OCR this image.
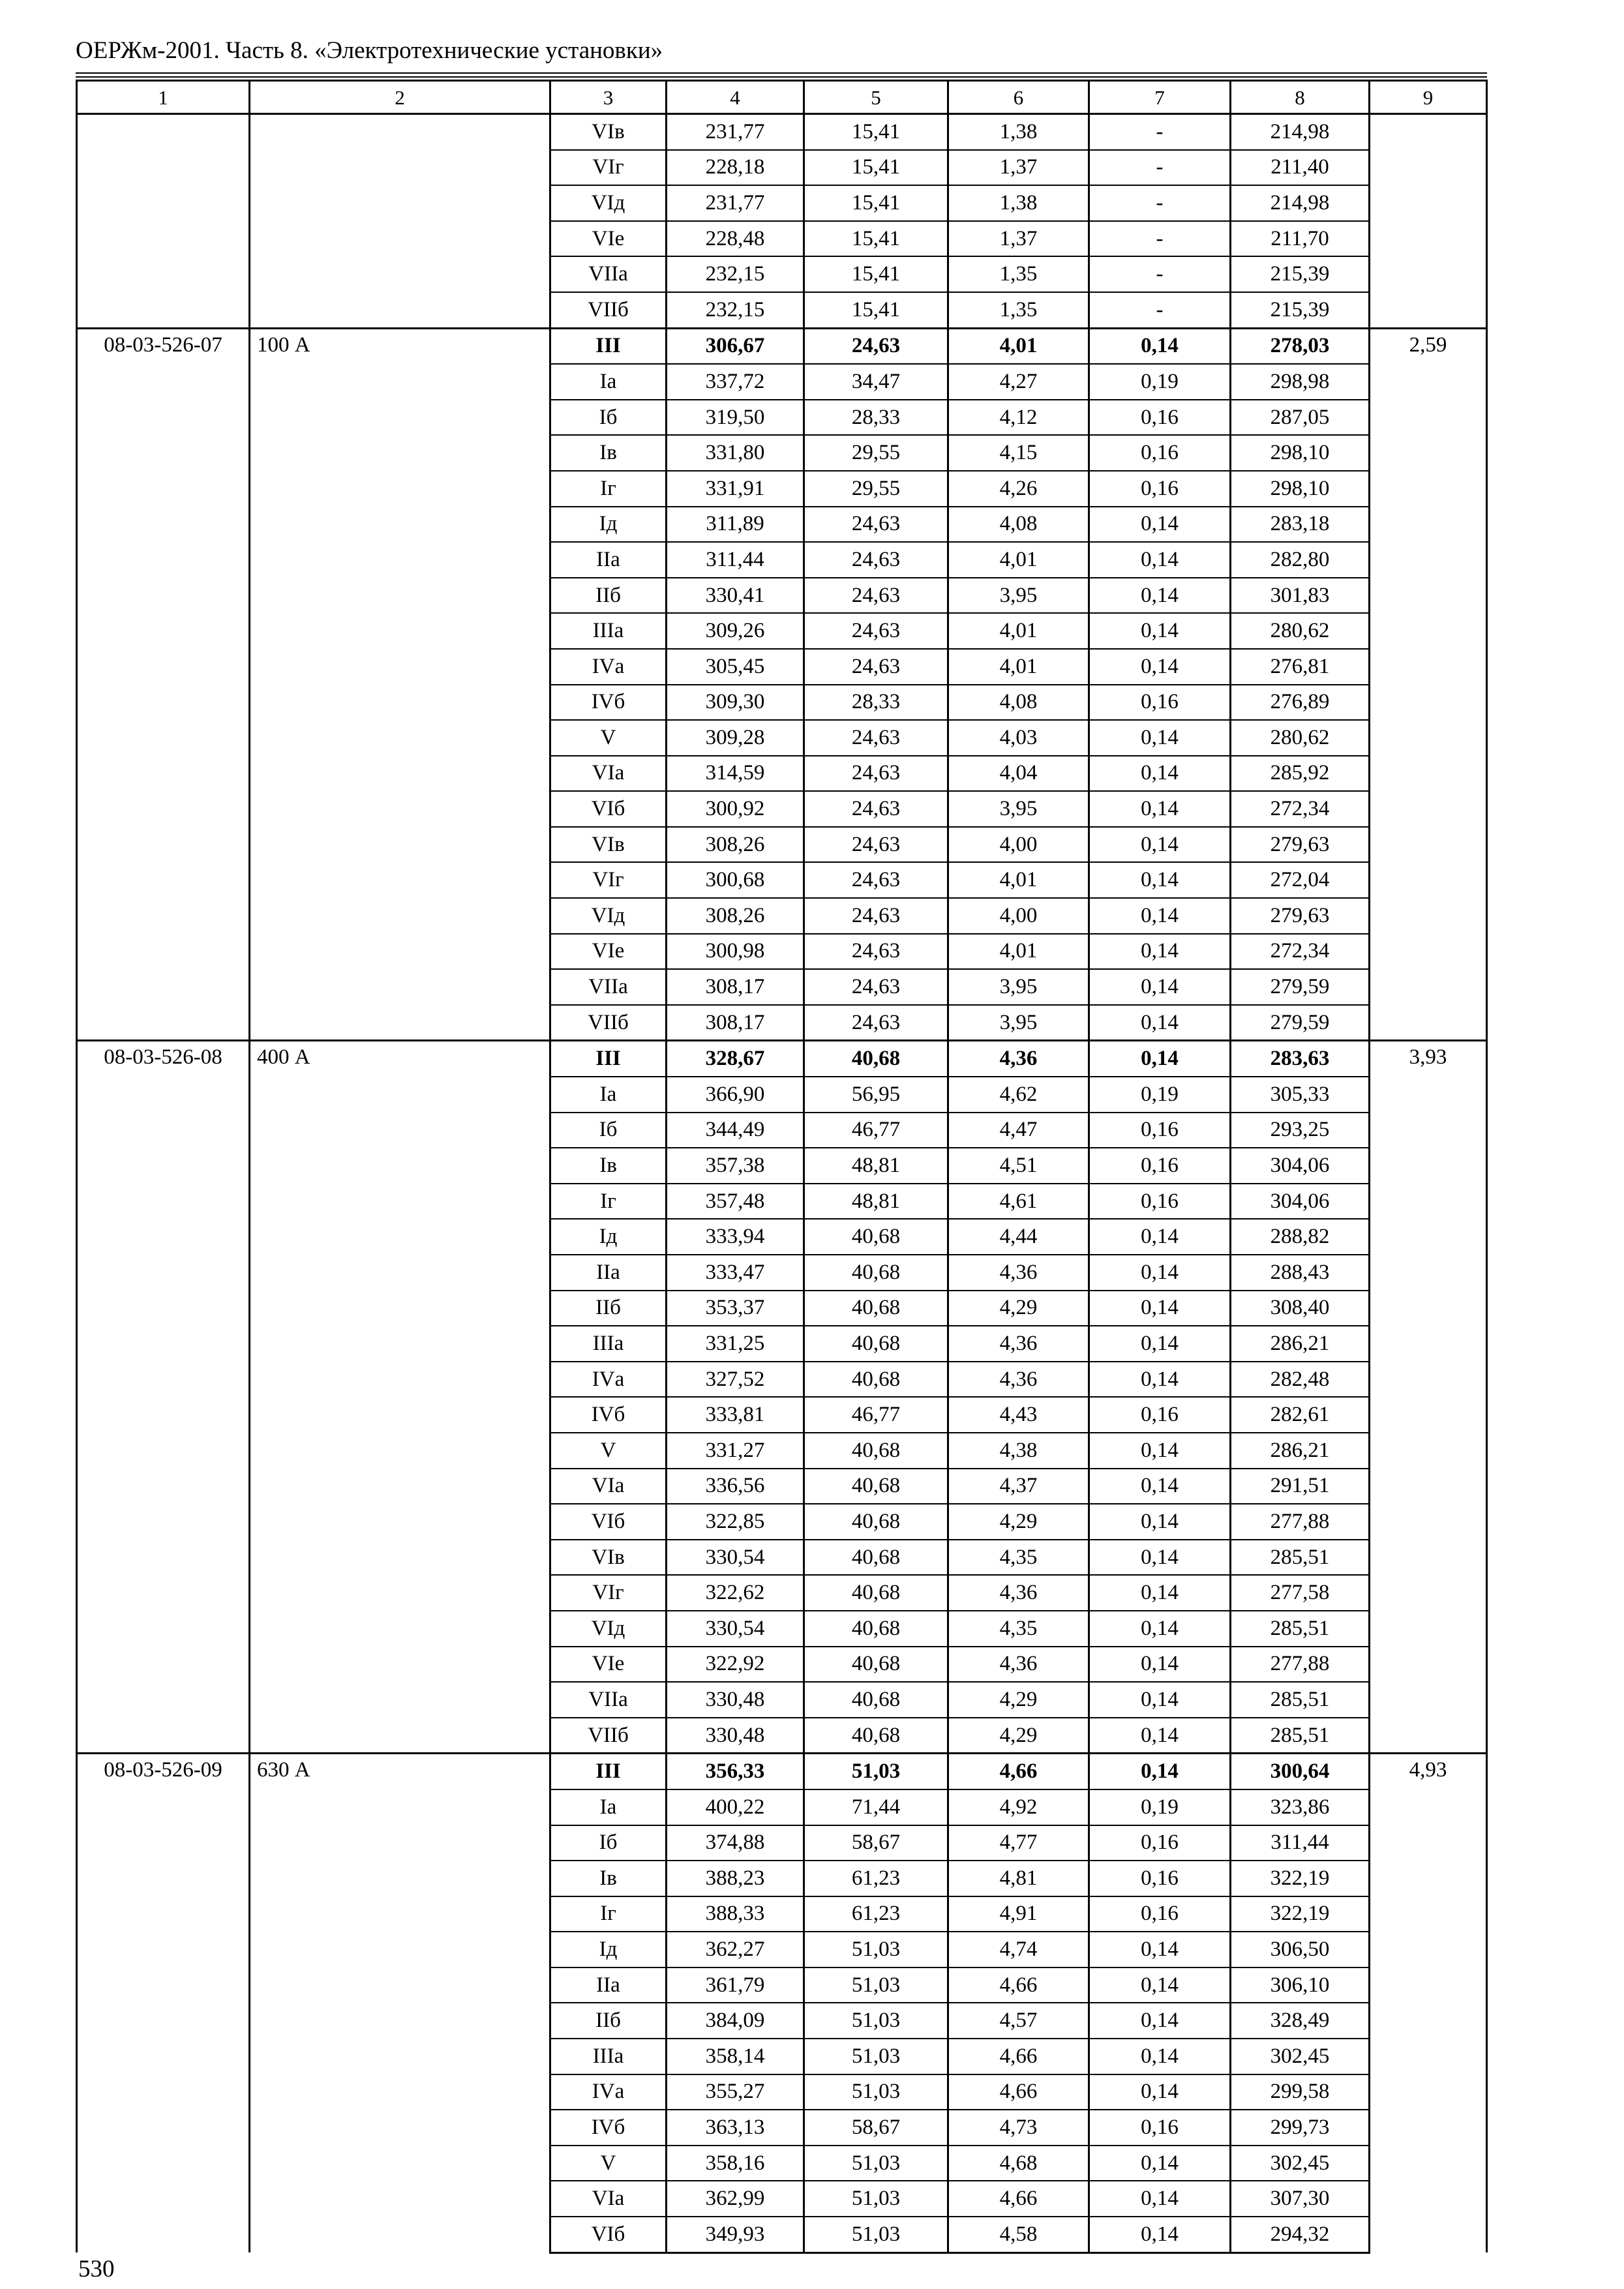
ОЕРЖм-2001. Часть 8. «Электротехнические установки»
1	2	3	4	5	6	7	8	9
		VIв	231,77	15,41	1,38	-	214,98	
		VIг	228,18	15,41	1,37	-	211,40	
		VIд	231,77	15,41	1,38	-	214,98	
		VIе	228,48	15,41	1,37	-	211,70	
		VIIа	232,15	15,41	1,35	-	215,39	
		VIIб	232,15	15,41	1,35	-	215,39	
08-03-526-07	100 А	III	306,67	24,63	4,01	0,14	278,03	2,59
		Iа	337,72	34,47	4,27	0,19	298,98	
		Iб	319,50	28,33	4,12	0,16	287,05	
		Iв	331,80	29,55	4,15	0,16	298,10	
		Iг	331,91	29,55	4,26	0,16	298,10	
		Iд	311,89	24,63	4,08	0,14	283,18	
		IIа	311,44	24,63	4,01	0,14	282,80	
		IIб	330,41	24,63	3,95	0,14	301,83	
		IIIа	309,26	24,63	4,01	0,14	280,62	
		IVа	305,45	24,63	4,01	0,14	276,81	
		IVб	309,30	28,33	4,08	0,16	276,89	
		V	309,28	24,63	4,03	0,14	280,62	
		VIа	314,59	24,63	4,04	0,14	285,92	
		VIб	300,92	24,63	3,95	0,14	272,34	
		VIв	308,26	24,63	4,00	0,14	279,63	
		VIг	300,68	24,63	4,01	0,14	272,04	
		VIд	308,26	24,63	4,00	0,14	279,63	
		VIе	300,98	24,63	4,01	0,14	272,34	
		VIIа	308,17	24,63	3,95	0,14	279,59	
		VIIб	308,17	24,63	3,95	0,14	279,59	
08-03-526-08	400 А	III	328,67	40,68	4,36	0,14	283,63	3,93
		Iа	366,90	56,95	4,62	0,19	305,33	
		Iб	344,49	46,77	4,47	0,16	293,25	
		Iв	357,38	48,81	4,51	0,16	304,06	
		Iг	357,48	48,81	4,61	0,16	304,06	
		Iд	333,94	40,68	4,44	0,14	288,82	
		IIа	333,47	40,68	4,36	0,14	288,43	
		IIб	353,37	40,68	4,29	0,14	308,40	
		IIIа	331,25	40,68	4,36	0,14	286,21	
		IVа	327,52	40,68	4,36	0,14	282,48	
		IVб	333,81	46,77	4,43	0,16	282,61	
		V	331,27	40,68	4,38	0,14	286,21	
		VIа	336,56	40,68	4,37	0,14	291,51	
		VIб	322,85	40,68	4,29	0,14	277,88	
		VIв	330,54	40,68	4,35	0,14	285,51	
		VIг	322,62	40,68	4,36	0,14	277,58	
		VIд	330,54	40,68	4,35	0,14	285,51	
		VIе	322,92	40,68	4,36	0,14	277,88	
		VIIа	330,48	40,68	4,29	0,14	285,51	
		VIIб	330,48	40,68	4,29	0,14	285,51	
08-03-526-09	630 А	III	356,33	51,03	4,66	0,14	300,64	4,93
		Iа	400,22	71,44	4,92	0,19	323,86	
		Iб	374,88	58,67	4,77	0,16	311,44	
		Iв	388,23	61,23	4,81	0,16	322,19	
		Iг	388,33	61,23	4,91	0,16	322,19	
		Iд	362,27	51,03	4,74	0,14	306,50	
		IIа	361,79	51,03	4,66	0,14	306,10	
		IIб	384,09	51,03	4,57	0,14	328,49	
		IIIа	358,14	51,03	4,66	0,14	302,45	
		IVа	355,27	51,03	4,66	0,14	299,58	
		IVб	363,13	58,67	4,73	0,16	299,73	
		V	358,16	51,03	4,68	0,14	302,45	
		VIа	362,99	51,03	4,66	0,14	307,30	
		VIб	349,93	51,03	4,58	0,14	294,32	
530
